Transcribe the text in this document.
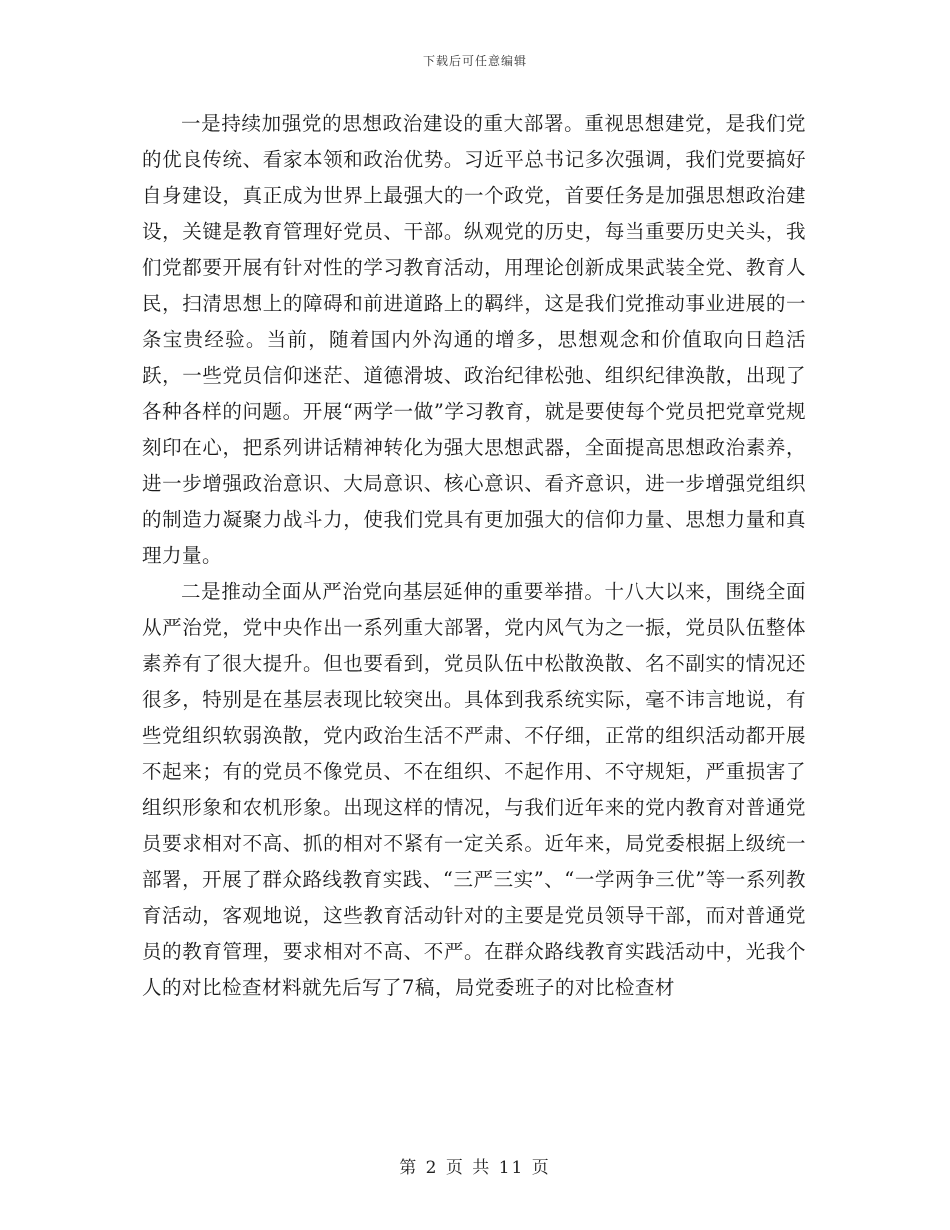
下载后可任意编辑

一是持续加强党的思想政治建设的重大部署。重视思想建党，是我们党的优良传统、看家本领和政治优势。习近平总书记多次强调，我们党要搞好自身建设，真正成为世界上最强大的一个政党，首要任务是加强思想政治建设，关键是教育管理好党员、干部。纵观党的历史，每当重要历史关头，我们党都要开展有针对性的学习教育活动，用理论创新成果武装全党、教育人民，扫清思想上的障碍和前进道路上的羁绊，这是我们党推动事业进展的一条宝贵经验。当前，随着国内外沟通的增多，思想观念和价值取向日趋活跃，一些党员信仰迷茫、道德滑坡、政治纪律松弛、组织纪律涣散，出现了各种各样的问题。开展“两学一做”学习教育，就是要使每个党员把党章党规刻印在心，把系列讲话精神转化为强大思想武器，全面提高思想政治素养，进一步增强政治意识、大局意识、核心意识、看齐意识，进一步增强党组织的制造力凝聚力战斗力，使我们党具有更加强大的信仰力量、思想力量和真理力量。

二是推动全面从严治党向基层延伸的重要举措。十八大以来，围绕全面从严治党，党中央作出一系列重大部署，党内风气为之一振，党员队伍整体素养有了很大提升。但也要看到，党员队伍中松散涣散、名不副实的情况还很多，特别是在基层表现比较突出。具体到我系统实际，毫不讳言地说，有些党组织软弱涣散，党内政治生活不严肃、不仔细，正常的组织活动都开展不起来；有的党员不像党员、不在组织、不起作用、不守规矩，严重损害了组织形象和农机形象。出现这样的情况，与我们近年来的党内教育对普通党员要求相对不高、抓的相对不紧有一定关系。近年来，局党委根据上级统一部署，开展了群众路线教育实践、“三严三实”、“一学两争三优”等一系列教育活动，客观地说，这些教育活动针对的主要是党员领导干部，而对普通党员的教育管理，要求相对不高、不严。在群众路线教育实践活动中，光我个人的对比检查材料就先后写了7稿，局党委班子的对比检查材

第 2 页 共 11 页
